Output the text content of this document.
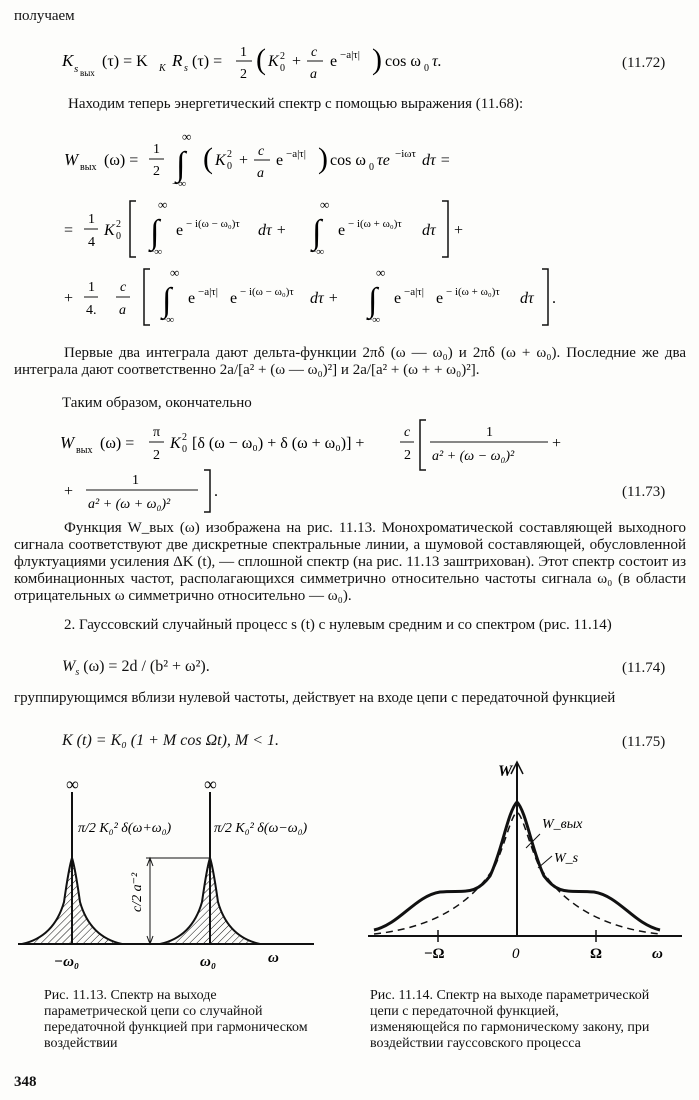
получаем
K s вых
(τ) = K K R s (τ) =
1
2 ( K 2
0 +
c
a
e −a|τ| ) cos ω 0 τ.	(11.72)
Находим теперь энергетический спектр с помощью выражения (11.68):
W вых (ω) =
1
2
∞
∫
−∞
( K 2
0 +
c
a
e −a|τ| ) cos ω 0 τe −iωτ dτ =
=
1
4
K 2
0
∞
∫
−∞
e − i(ω − ω₀)τ dτ +
∞
∫
−∞
e − i(ω + ω₀)τ dτ +
+
1
4.
c
a
∞
∫
−∞
e −a|τ| e − i(ω − ω₀)τ dτ +
∞
∫
−∞
e −a|τ| e − i(ω + ω₀)τ dτ .
Первые два интеграла дают дельта-функции 2πδ (ω — ω₀) и 2πδ (ω + ω₀). Последние же два интеграла дают соответственно 2a/[a² + (ω — ω₀)²] и 2a/[a² + (ω + + ω₀)²].
Таким образом, окончательно
W вых (ω) =
π
2
K 2
0 [δ (ω − ω₀) + δ (ω + ω₀)] +
c
2
1
a² + (ω − ω₀)²
+
+
1
a² + (ω + ω₀)²
.	(11.73)
Функция W_вых (ω) изображена на рис. 11.13. Монохроматической составляющей выходного сигнала соответствуют две дискретные спектральные линии, а шумовой составляющей, обусловленной флуктуациями усиления ΔK (t), — сплошной спектр (на рис. 11.13 заштрихован). Этот спектр состоит из комбинационных частот, располагающихся симметрично относительно частоты сигнала ω₀ (в области отрицательных ω симметрично относительно — ω₀).
2. Гауссовский случайный процесс s (t) с нулевым средним и со спектром (рис. 11.14)
$W_s$ (ω) = 2d / (b² + ω²).	(11.74)
группирующимся вблизи нулевой частоты, действует на входе цепи с передаточной функцией
K (t) = K₀ (1 + M cos Ωt), M < 1.	(11.75)
∞	∞
π/2 K₀² δ(ω+ω₀)	π/2 K₀² δ(ω−ω₀)
c/2 a⁻²
−ω₀	ω₀	ω
Рис. 11.13. Спектр на выходе параметрической цепи со случайной передаточной функцией при гармоническом воздействии
W
W_вых
W_s
−Ω	0	Ω	ω
Рис. 11.14. Спектр на выходе параметрической цепи с передаточной функцией, изменяющейся по гармоническому закону, при воздействии гауссовского процесса
348
